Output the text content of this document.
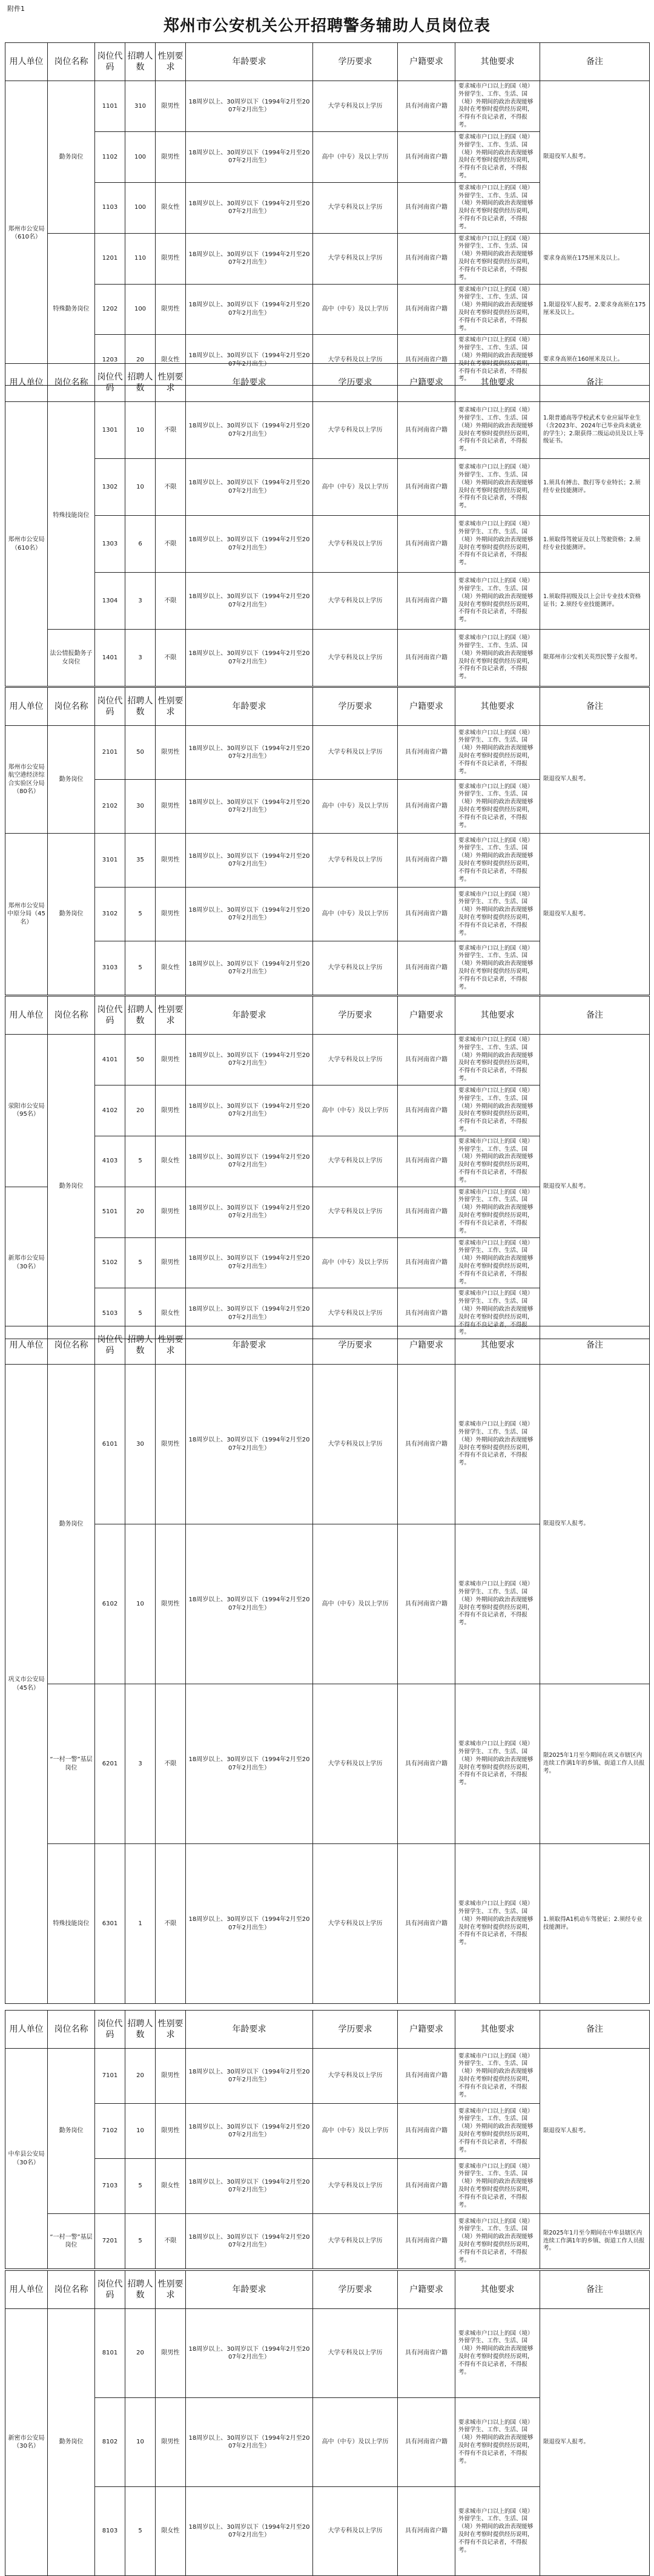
附件1
郑州市公安机关公开招聘警务辅助人员岗位表
用人单位	岗位名称	岗位代码	招聘人数	性别要求	年龄要求	学历要求	户籍要求	其他要求	备注
郑州市公安局（610名）	勤务岗位	1101	310	限男性	18周岁以上、30周岁以下（1994年2月至2007年2月出生）	大学专科及以上学历	具有河南省户籍	要求城市户口以上的国（境）外留学生、工作、生活、国（境）外期间的政治表现能够及时在考察时提供经历说明，不得有不良记录者，不得报考。	限退役军人报考。
		1102	100	限男性	18周岁以上、30周岁以下（1994年2月至2007年2月出生）	高中（中专）及以上学历	具有河南省户籍	要求城市户口以上的国（境）外留学生、工作、生活、国（境）外期间的政治表现能够及时在考察时提供经历说明，不得有不良记录者，不得报考。	
		1103	100	限女性	18周岁以上、30周岁以下（1994年2月至2007年2月出生）	大学专科及以上学历	具有河南省户籍	要求城市户口以上的国（境）外留学生、工作、生活、国（境）外期间的政治表现能够及时在考察时提供经历说明，不得有不良记录者，不得报考。	
	特殊勤务岗位	1201	110	限男性	18周岁以上、30周岁以下（1994年2月至2007年2月出生）	大学专科及以上学历	具有河南省户籍	要求城市户口以上的国（境）外留学生、工作、生活、国（境）外期间的政治表现能够及时在考察时提供经历说明，不得有不良记录者，不得报考。	要求身高须在175厘米及以上。
		1202	100	限男性	18周岁以上、30周岁以下（1994年2月至2007年2月出生）	高中（中专）及以上学历	具有河南省户籍	要求城市户口以上的国（境）外留学生、工作、生活、国（境）外期间的政治表现能够及时在考察时提供经历说明，不得有不良记录者，不得报考。	1.限退役军人报考。2.要求身高须在175厘米及以上。
		1203	20	限女性	18周岁以上、30周岁以下（1994年2月至2007年2月出生）	大学专科及以上学历	具有河南省户籍	要求城市户口以上的国（境）外留学生、工作、生活、国（境）外期间的政治表现能够及时在考察时提供经历说明，不得有不良记录者，不得报考。	要求身高须在160厘米及以上。
用人单位	岗位名称	岗位代码	招聘人数	性别要求	年龄要求	学历要求	户籍要求	其他要求	备注
郑州市公安局（610名）	特殊技能岗位	1301	10	不限	18周岁以上、30周岁以下（1994年2月至2007年2月出生）	大学专科及以上学历	具有河南省户籍	要求城市户口以上的国（境）外留学生、工作、生活、国（境）外期间的政治表现能够及时在考察时提供经历说明，不得有不良记录者，不得报考。	1.限普通高等学校武术专业应届毕业生（含2023年、2024年已毕业尚未就业的学生）；2.限获得二级运动员及以上等级证书。
		1302	10	不限	18周岁以上、30周岁以下（1994年2月至2007年2月出生）	高中（中专）及以上学历	具有河南省户籍	要求城市户口以上的国（境）外留学生、工作、生活、国（境）外期间的政治表现能够及时在考察时提供经历说明，不得有不良记录者，不得报考。	1.须具有搏击、散打等专业特长；2.须经专业技能测评。
		1303	6	不限	18周岁以上、30周岁以下（1994年2月至2007年2月出生）	大学专科及以上学历	具有河南省户籍	要求城市户口以上的国（境）外留学生、工作、生活、国（境）外期间的政治表现能够及时在考察时提供经历说明，不得有不良记录者，不得报考。	1.须取得驾驶证及以上驾驶资格；2.须经专业技能测评。
		1304	3	不限	18周岁以上、30周岁以下（1994年2月至2007年2月出生）	大学专科及以上学历	具有河南省户籍	要求城市户口以上的国（境）外留学生、工作、生活、国（境）外期间的政治表现能够及时在考察时提供经历说明，不得有不良记录者，不得报考。	1.须取得初级及以上会计专业技术资格证书；2.须经专业技能测评。
	法公情报勤务子女岗位	1401	3	不限	18周岁以上、30周岁以下（1994年2月至2007年2月出生）	大学专科及以上学历	具有河南省户籍	要求城市户口以上的国（境）外留学生、工作、生活、国（境）外期间的政治表现能够及时在考察时提供经历说明，不得有不良记录者，不得报考。	限郑州市公安机关英烈民警子女报考。
用人单位	岗位名称	岗位代码	招聘人数	性别要求	年龄要求	学历要求	户籍要求	其他要求	备注
郑州市公安局航空港经济综合实验区分局（80名）	勤务岗位	2101	50	限男性	18周岁以上、30周岁以下（1994年2月至2007年2月出生）	大学专科及以上学历	具有河南省户籍	要求城市户口以上的国（境）外留学生、工作、生活、国（境）外期间的政治表现能够及时在考察时提供经历说明，不得有不良记录者，不得报考。	限退役军人报考。
		2102	30	限男性	18周岁以上、30周岁以下（1994年2月至2007年2月出生）	高中（中专）及以上学历	具有河南省户籍	要求城市户口以上的国（境）外留学生、工作、生活、国（境）外期间的政治表现能够及时在考察时提供经历说明，不得有不良记录者，不得报考。	
郑州市公安局中原分局（45名）	勤务岗位	3101	35	限男性	18周岁以上、30周岁以下（1994年2月至2007年2月出生）	大学专科及以上学历	具有河南省户籍	要求城市户口以上的国（境）外留学生、工作、生活、国（境）外期间的政治表现能够及时在考察时提供经历说明，不得有不良记录者，不得报考。	限退役军人报考。
		3102	5	限男性	18周岁以上、30周岁以下（1994年2月至2007年2月出生）	高中（中专）及以上学历	具有河南省户籍	要求城市户口以上的国（境）外留学生、工作、生活、国（境）外期间的政治表现能够及时在考察时提供经历说明，不得有不良记录者，不得报考。	
		3103	5	限女性	18周岁以上、30周岁以下（1994年2月至2007年2月出生）	大学专科及以上学历	具有河南省户籍	要求城市户口以上的国（境）外留学生、工作、生活、国（境）外期间的政治表现能够及时在考察时提供经历说明，不得有不良记录者，不得报考。	
用人单位	岗位名称	岗位代码	招聘人数	性别要求	年龄要求	学历要求	户籍要求	其他要求	备注
荥阳市公安局（95名）	勤务岗位	4101	50	限男性	18周岁以上、30周岁以下（1994年2月至2007年2月出生）	大学专科及以上学历	具有河南省户籍	要求城市户口以上的国（境）外留学生、工作、生活、国（境）外期间的政治表现能够及时在考察时提供经历说明，不得有不良记录者，不得报考。	限退役军人报考。
		4102	20	限男性	18周岁以上、30周岁以下（1994年2月至2007年2月出生）	高中（中专）及以上学历	具有河南省户籍	要求城市户口以上的国（境）外留学生、工作、生活、国（境）外期间的政治表现能够及时在考察时提供经历说明，不得有不良记录者，不得报考。	
		4103	5	限女性	18周岁以上、30周岁以下（1994年2月至2007年2月出生）	大学专科及以上学历	具有河南省户籍	要求城市户口以上的国（境）外留学生、工作、生活、国（境）外期间的政治表现能够及时在考察时提供经历说明，不得有不良记录者，不得报考。	
新郑市公安局（30名）		5101	20	限男性	18周岁以上、30周岁以下（1994年2月至2007年2月出生）	大学专科及以上学历	具有河南省户籍	要求城市户口以上的国（境）外留学生、工作、生活、国（境）外期间的政治表现能够及时在考察时提供经历说明，不得有不良记录者，不得报考。	
		5102	5	限男性	18周岁以上、30周岁以下（1994年2月至2007年2月出生）	高中（中专）及以上学历	具有河南省户籍	要求城市户口以上的国（境）外留学生、工作、生活、国（境）外期间的政治表现能够及时在考察时提供经历说明，不得有不良记录者，不得报考。	
		5103	5	限女性	18周岁以上、30周岁以下（1994年2月至2007年2月出生）	大学专科及以上学历	具有河南省户籍	要求城市户口以上的国（境）外留学生、工作、生活、国（境）外期间的政治表现能够及时在考察时提供经历说明，不得有不良记录者，不得报考。	
用人单位	岗位名称	岗位代码	招聘人数	性别要求	年龄要求	学历要求	户籍要求	其他要求	备注
巩义市公安局（45名）	勤务岗位	6101	30	限男性	18周岁以上、30周岁以下（1994年2月至2007年2月出生）	大学专科及以上学历	具有河南省户籍	要求城市户口以上的国（境）外留学生、工作、生活、国（境）外期间的政治表现能够及时在考察时提供经历说明，不得有不良记录者，不得报考。	限退役军人报考。
		6102	10	限男性	18周岁以上、30周岁以下（1994年2月至2007年2月出生）	高中（中专）及以上学历	具有河南省户籍	要求城市户口以上的国（境）外留学生、工作、生活、国（境）外期间的政治表现能够及时在考察时提供经历说明，不得有不良记录者，不得报考。	
	“一村一警”基层岗位	6201	3	不限	18周岁以上、30周岁以下（1994年2月至2007年2月出生）	大学专科及以上学历	具有河南省户籍	要求城市户口以上的国（境）外留学生、工作、生活、国（境）外期间的政治表现能够及时在考察时提供经历说明，不得有不良记录者，不得报考。	限2025年1月至今期间在巩义市辖区内连续工作满1年的乡镇、街道工作人员报考。
	特殊技能岗位	6301	1	不限	18周岁以上、30周岁以下（1994年2月至2007年2月出生）	大学专科及以上学历	具有河南省户籍	要求城市户口以上的国（境）外留学生、工作、生活、国（境）外期间的政治表现能够及时在考察时提供经历说明，不得有不良记录者，不得报考。	1.须取得A1机动车驾驶证；2.须经专业技能测评。
用人单位	岗位名称	岗位代码	招聘人数	性别要求	年龄要求	学历要求	户籍要求	其他要求	备注
中牟县公安局（30名）	勤务岗位	7101	20	限男性	18周岁以上、30周岁以下（1994年2月至2007年2月出生）	大学专科及以上学历	具有河南省户籍	要求城市户口以上的国（境）外留学生、工作、生活、国（境）外期间的政治表现能够及时在考察时提供经历说明，不得有不良记录者，不得报考。	限退役军人报考。
		7102	10	限男性	18周岁以上、30周岁以下（1994年2月至2007年2月出生）	高中（中专）及以上学历	具有河南省户籍	要求城市户口以上的国（境）外留学生、工作、生活、国（境）外期间的政治表现能够及时在考察时提供经历说明，不得有不良记录者，不得报考。	
		7103	5	限女性	18周岁以上、30周岁以下（1994年2月至2007年2月出生）	大学专科及以上学历	具有河南省户籍	要求城市户口以上的国（境）外留学生、工作、生活、国（境）外期间的政治表现能够及时在考察时提供经历说明，不得有不良记录者，不得报考。	
	“一村一警”基层岗位	7201	5	不限	18周岁以上、30周岁以下（1994年2月至2007年2月出生）	大学专科及以上学历	具有河南省户籍	要求城市户口以上的国（境）外留学生、工作、生活、国（境）外期间的政治表现能够及时在考察时提供经历说明，不得有不良记录者，不得报考。	限2025年1月至今期间在中牟县辖区内连续工作满1年的乡镇、街道工作人员报考。
用人单位	岗位名称	岗位代码	招聘人数	性别要求	年龄要求	学历要求	户籍要求	其他要求	备注
新密市公安局（30名）	勤务岗位	8101	20	限男性	18周岁以上、30周岁以下（1994年2月至2007年2月出生）	大学专科及以上学历	具有河南省户籍	要求城市户口以上的国（境）外留学生、工作、生活、国（境）外期间的政治表现能够及时在考察时提供经历说明，不得有不良记录者，不得报考。	限退役军人报考。
		8102	10	限男性	18周岁以上、30周岁以下（1994年2月至2007年2月出生）	高中（中专）及以上学历	具有河南省户籍	要求城市户口以上的国（境）外留学生、工作、生活、国（境）外期间的政治表现能够及时在考察时提供经历说明，不得有不良记录者，不得报考。	
		8103	5	限女性	18周岁以上、30周岁以下（1994年2月至2007年2月出生）	大学专科及以上学历	具有河南省户籍	要求城市户口以上的国（境）外留学生、工作、生活、国（境）外期间的政治表现能够及时在考察时提供经历说明，不得有不良记录者，不得报考。	
